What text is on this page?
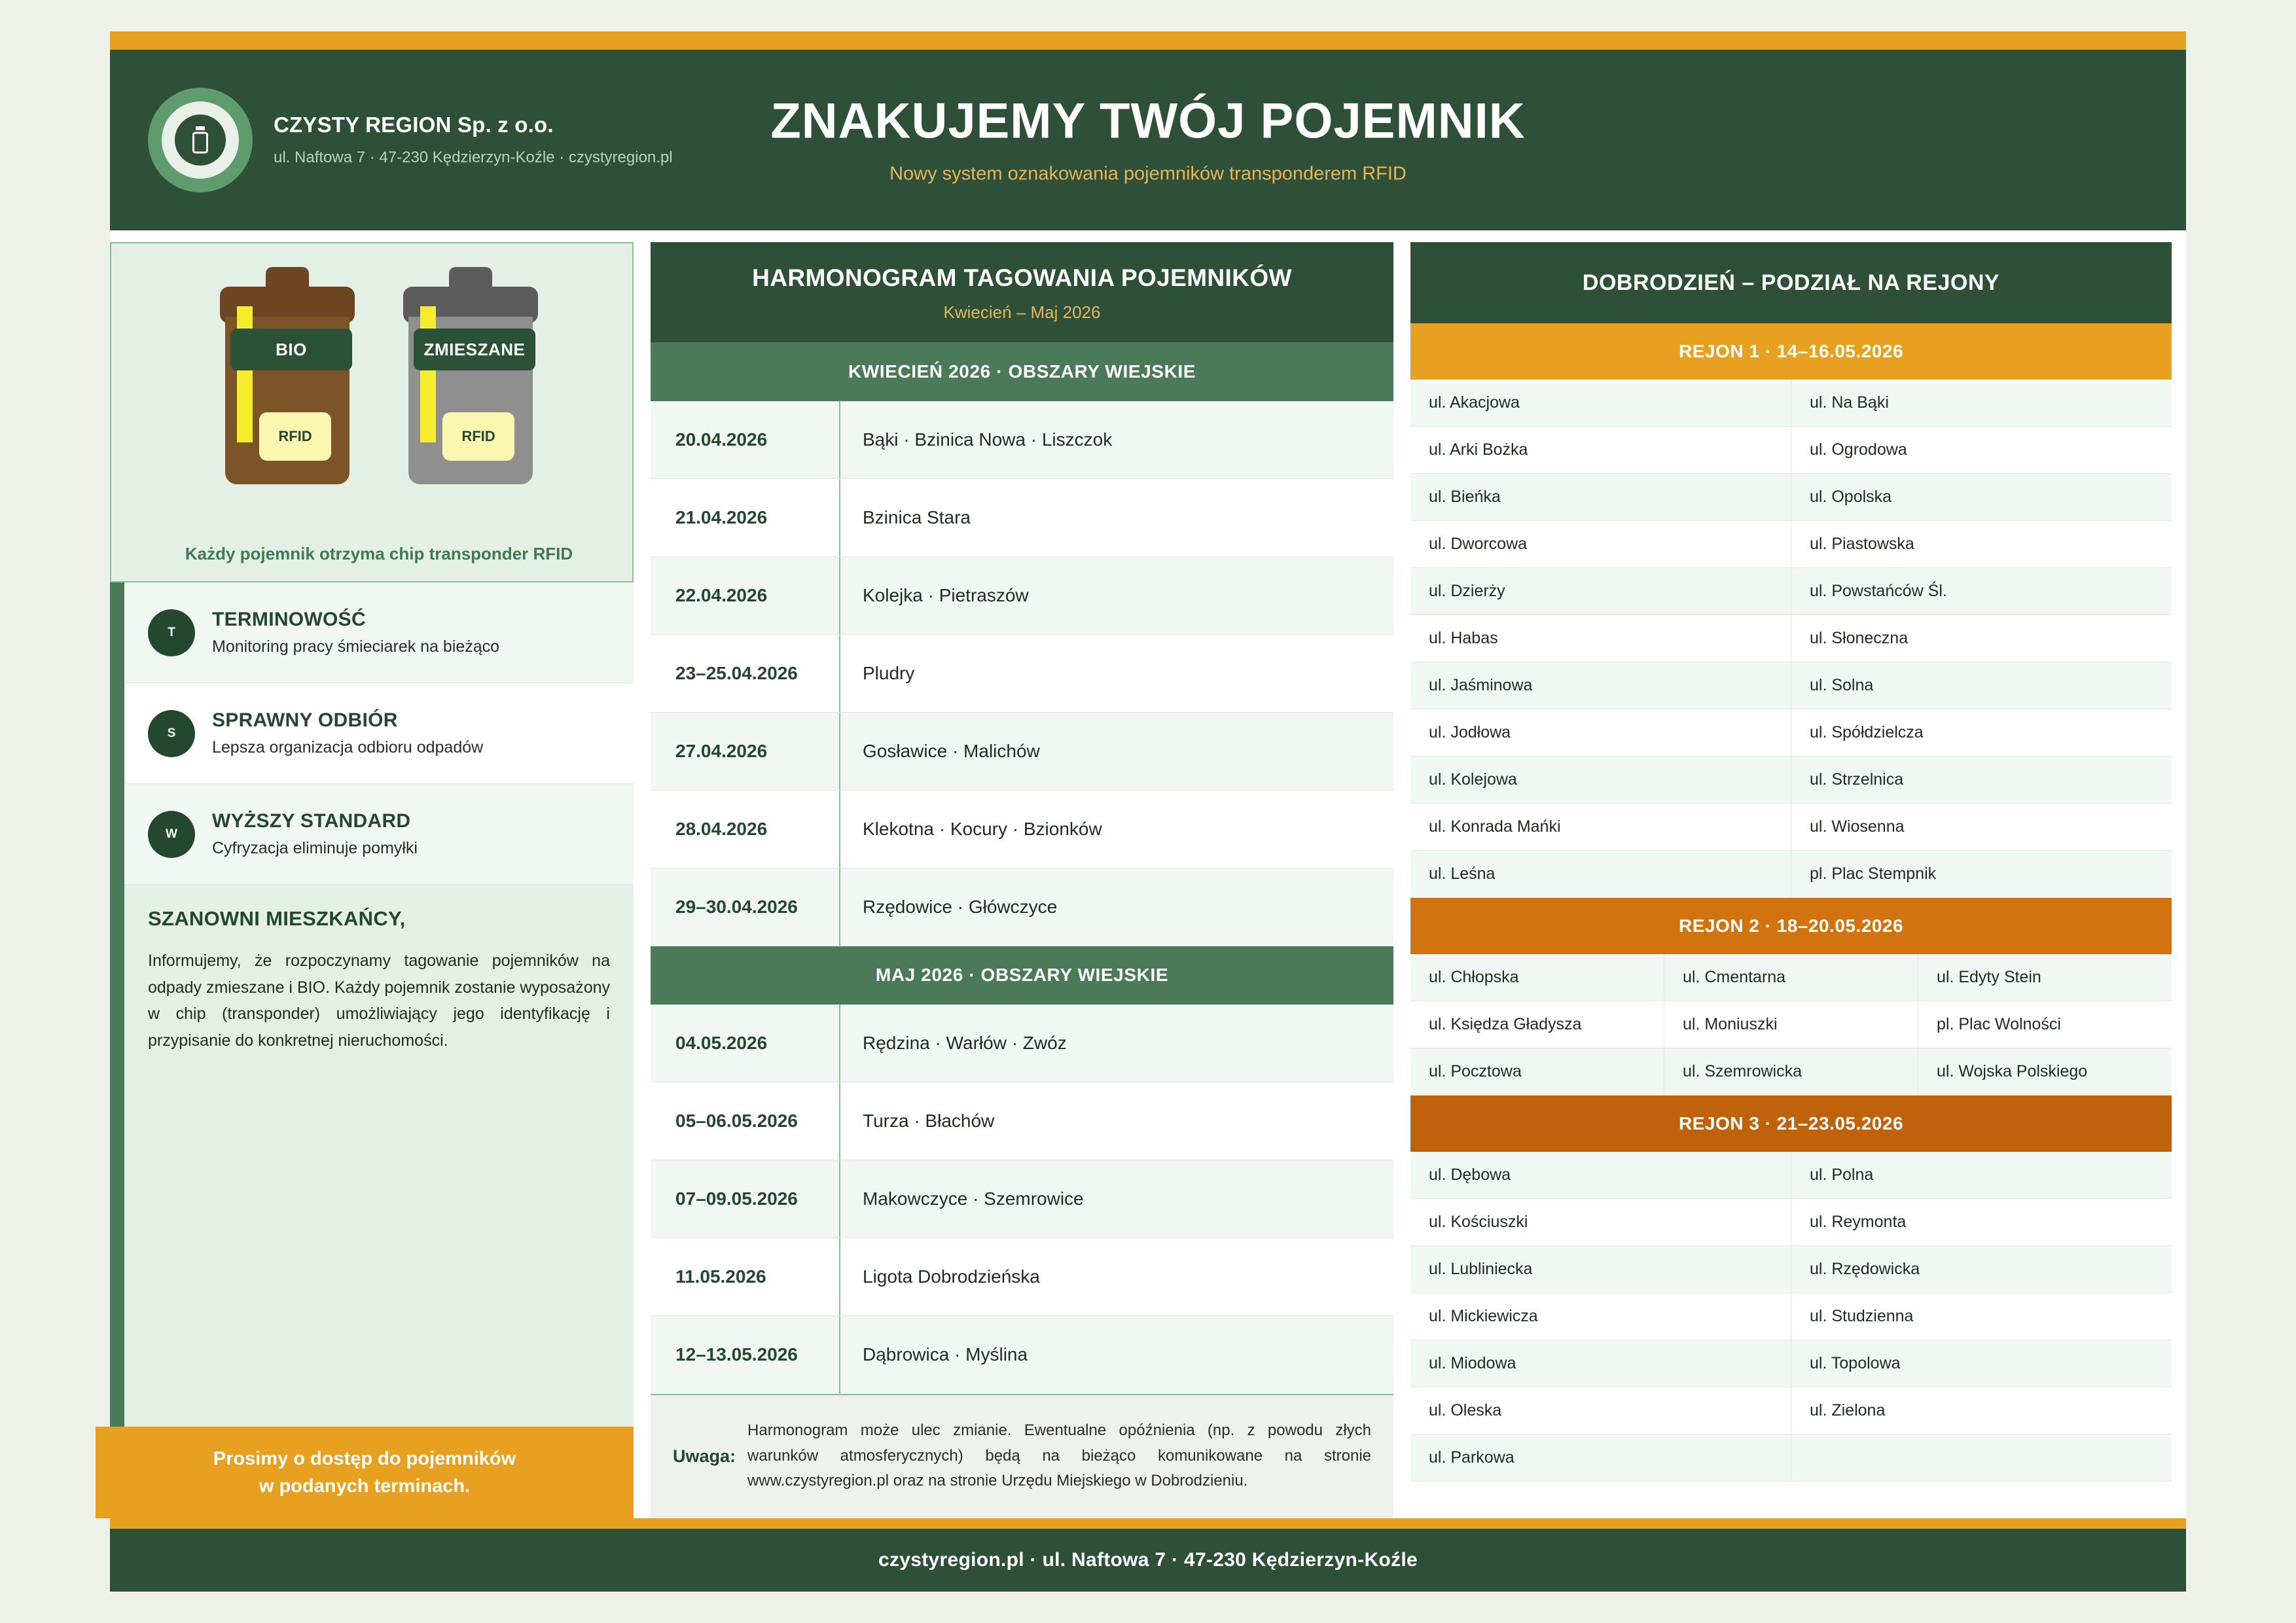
CZYSTY REGION Sp. z o.o.
ul. Naftowa 7 · 47-230 Kędzierzyn-Koźle · czystyregion.pl
ZNAKUJEMY TWÓJ POJEMNIK
Nowy system oznakowania pojemników transponderem RFID
BIO
RFID
ZMIESZANE
RFID
Każdy pojemnik otrzyma chip transponder RFID
T
TERMINOWOŚĆ
Monitoring pracy śmieciarek na bieżąco
S
SPRAWNY ODBIÓR
Lepsza organizacja odbioru odpadów
W
WYŻSZY STANDARD
Cyfryzacja eliminuje pomyłki
SZANOWNI MIESZKAŃCY,
Informujemy, że rozpoczynamy tagowanie pojemników na odpady zmieszane i BIO. Każdy pojemnik zostanie wyposażony w chip (transponder) umożliwiający jego identyfikację i przypisanie do konkretnej nieruchomości.
Prosimy o dostęp do pojemników
w podanych terminach.
HARMONOGRAM TAGOWANIA POJEMNIKÓW
Kwiecień – Maj 2026
KWIECIEŃ 2026 · OBSZARY WIEJSKIE
20.04.2026	Bąki · Bzinica Nowa · Liszczok
21.04.2026	Bzinica Stara
22.04.2026	Kolejka · Pietraszów
23–25.04.2026	Pludry
27.04.2026	Gosławice · Malichów
28.04.2026	Klekotna · Kocury · Bzionków
29–30.04.2026	Rzędowice · Główczyce
MAJ 2026 · OBSZARY WIEJSKIE
04.05.2026	Rędzina · Warłów · Zwóz
05–06.05.2026	Turza · Błachów
07–09.05.2026	Makowczyce · Szemrowice
11.05.2026	Ligota Dobrodzieńska
12–13.05.2026	Dąbrowica · Myślina
Uwaga:
Harmonogram może ulec zmianie. Ewentualne opóźnienia (np. z powodu złych warunków atmosferycznych) będą na bieżąco komunikowane na stronie www.czystyregion.pl oraz na stronie Urzędu Miejskiego w Dobrodzieniu.
DOBRODZIEŃ – PODZIAŁ NA REJONY
REJON 1 · 14–16.05.2026
ul. Akacjowa	ul. Na Bąki
ul. Arki Bożka	ul. Ogrodowa
ul. Bieńka	ul. Opolska
ul. Dworcowa	ul. Piastowska
ul. Dzierży	ul. Powstańców Śl.
ul. Habas	ul. Słoneczna
ul. Jaśminowa	ul. Solna
ul. Jodłowa	ul. Spółdzielcza
ul. Kolejowa	ul. Strzelnica
ul. Konrada Mańki	ul. Wiosenna
ul. Leśna	pl. Plac Stempnik
REJON 2 · 18–20.05.2026
ul. Chłopska	ul. Cmentarna	ul. Edyty Stein
ul. Księdza Gładysza	ul. Moniuszki	pl. Plac Wolności
ul. Pocztowa	ul. Szemrowicka	ul. Wojska Polskiego
REJON 3 · 21–23.05.2026
ul. Dębowa	ul. Polna
ul. Kościuszki	ul. Reymonta
ul. Lubliniecka	ul. Rzędowicka
ul. Mickiewicza	ul. Studzienna
ul. Miodowa	ul. Topolowa
ul. Oleska	ul. Zielona
ul. Parkowa
czystyregion.pl · ul. Naftowa 7 · 47-230 Kędzierzyn-Koźle
